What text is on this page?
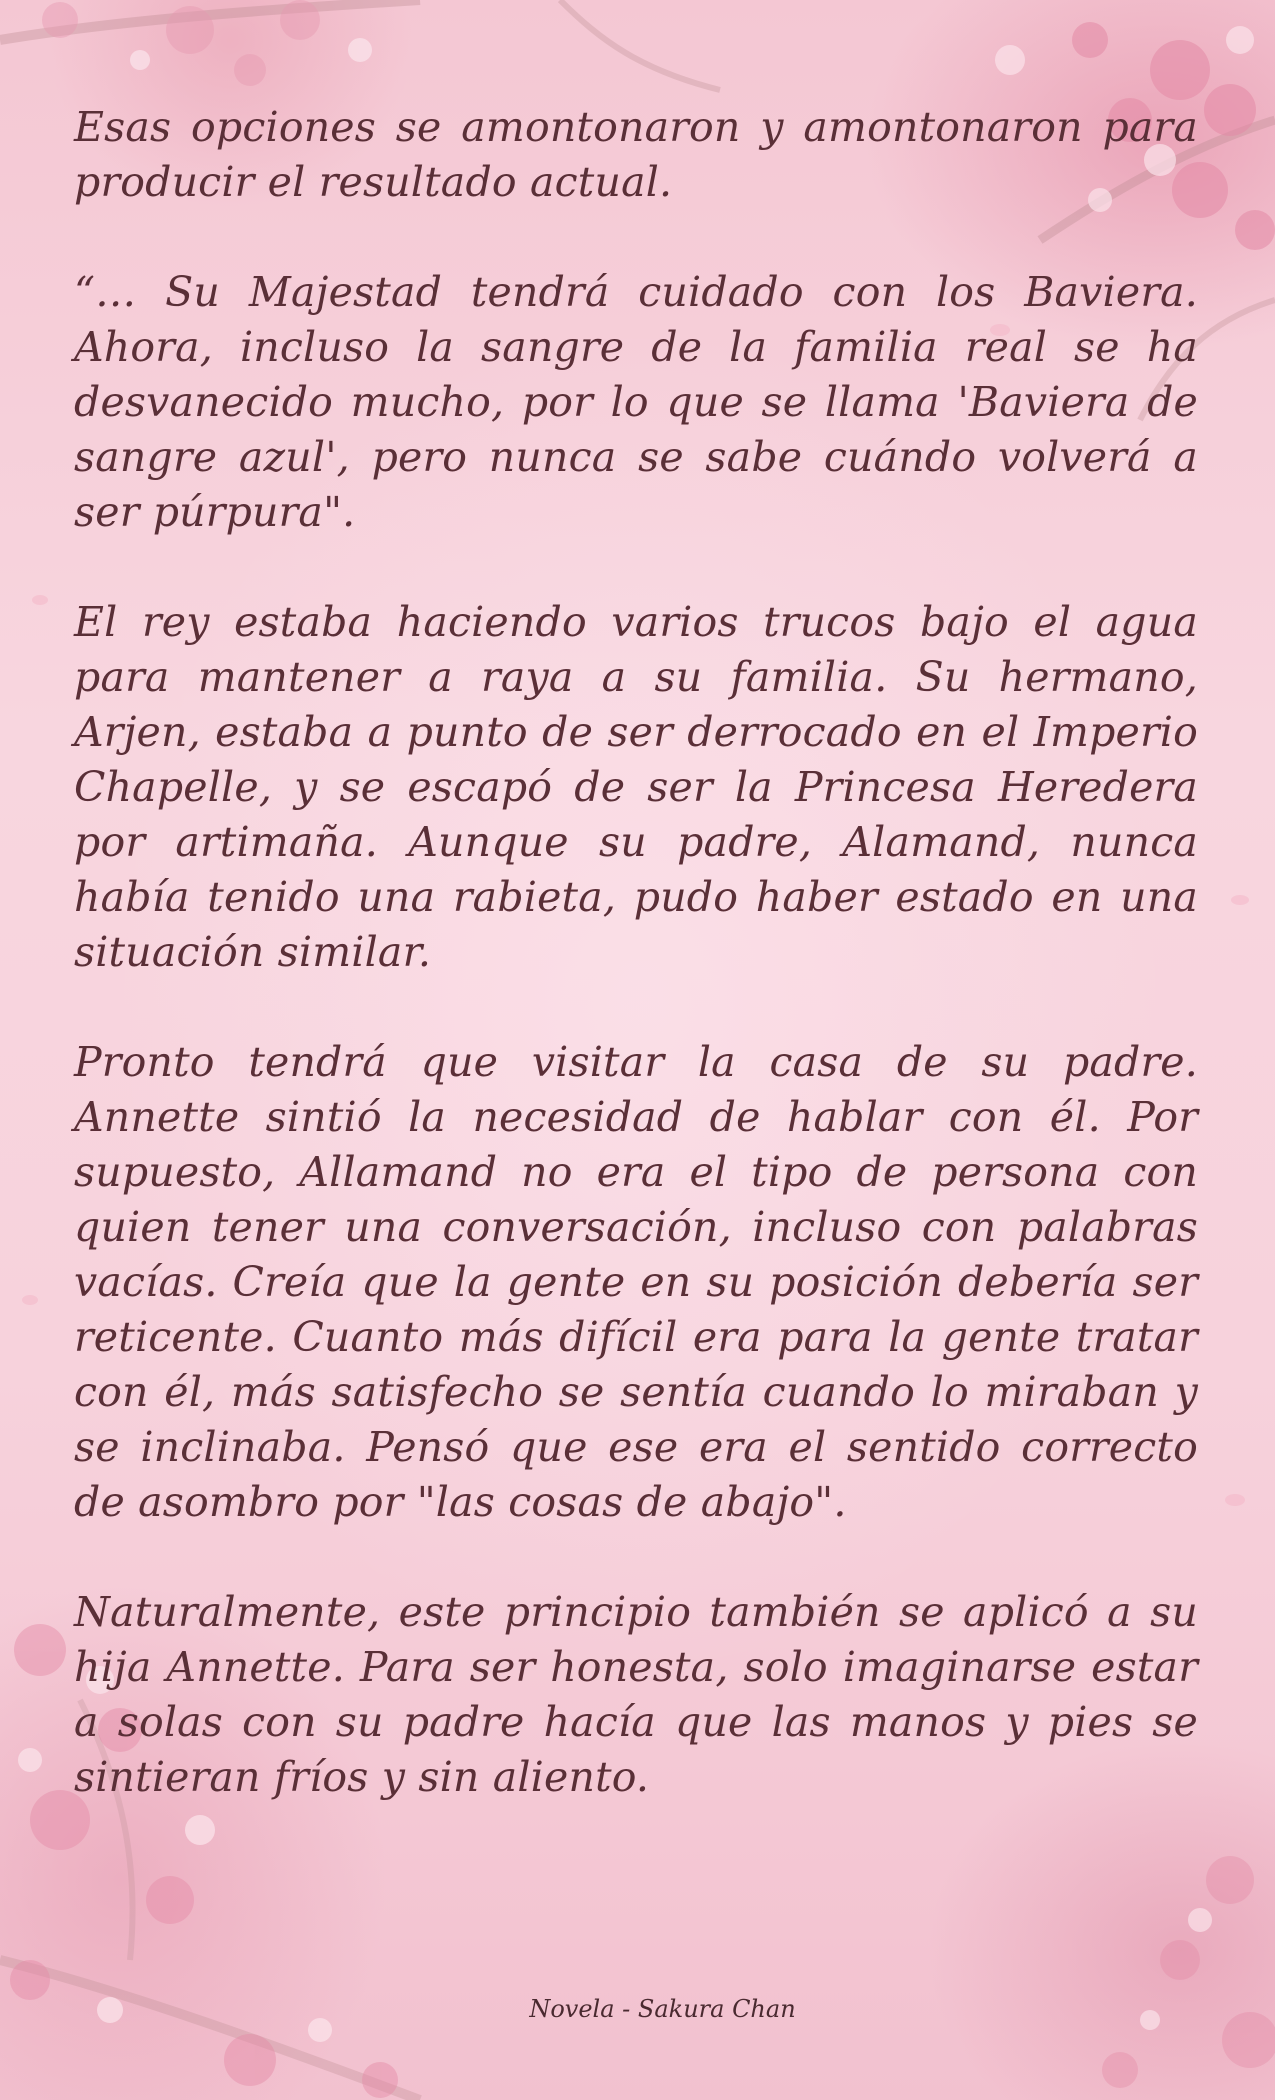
Esas opciones se amontonaron y amontonaron para producir el resultado actual.

“… Su Majestad tendrá cuidado con los Baviera. Ahora, incluso la sangre de la familia real se ha desvanecido mucho, por lo que se llama 'Baviera de sangre azul', pero nunca se sabe cuándo volverá a ser púrpura".

El rey estaba haciendo varios trucos bajo el agua para mantener a raya a su familia. Su hermano, Arjen, estaba a punto de ser derrocado en el Imperio Chapelle, y se escapó de ser la Princesa Heredera por artimaña. Aunque su padre, Alamand, nunca había tenido una rabieta, pudo haber estado en una situación similar.

Pronto tendrá que visitar la casa de su padre. Annette sintió la necesidad de hablar con él. Por supuesto, Allamand no era el tipo de persona con quien tener una conversación, incluso con palabras vacías. Creía que la gente en su posición debería ser reticente. Cuanto más difícil era para la gente tratar con él, más satisfecho se sentía cuando lo miraban y se inclinaba. Pensó que ese era el sentido correcto de asombro por "las cosas de abajo".

Naturalmente, este principio también se aplicó a su hija Annette. Para ser honesta, solo imaginarse estar a solas con su padre hacía que las manos y pies se sintieran fríos y sin aliento.

Novela - Sakura Chan
